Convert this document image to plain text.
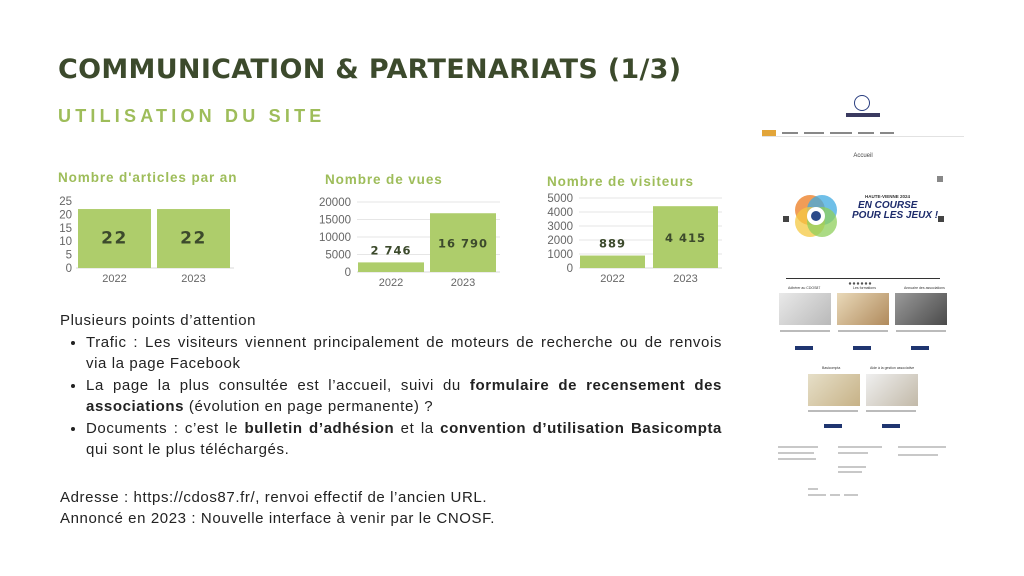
COMMUNICATION & PARTENARIATS (1/3)
UTILISATION DU SITE
Nombre d'articles par an
0
5
10
15
20
25
22
2022
22
2023
Nombre de vues
0
5000
10000
15000
20000
2 746
2022
16 790
2023
Nombre de visiteurs
0
1000
2000
3000
4000
5000
889
2022
4 415
2023
Plusieurs points d’attention
• Trafic : Les visiteurs viennent principalement de moteurs de recherche ou de renvois via la page Facebook
• La page la plus consultée est l’accueil, suivi du formulaire de recensement des associations (évolution en page permanente) ?
• Documents : c’est le bulletin d’adhésion et la convention d’utilisation Basicompta qui sont le plus téléchargés.
Adresse : https://cdos87.fr/, renvoi effectif de l’ancien URL.
Annoncé en 2023 : Nouvelle interface à venir par le CNOSF.
Accueil
HAUTE-VIENNE 2024
EN COURSE
POUR LES JEUX !
Adhérer au CDOS87	Les formations	Annuaire des associations
Basicompta	Aide à la gestion associative
